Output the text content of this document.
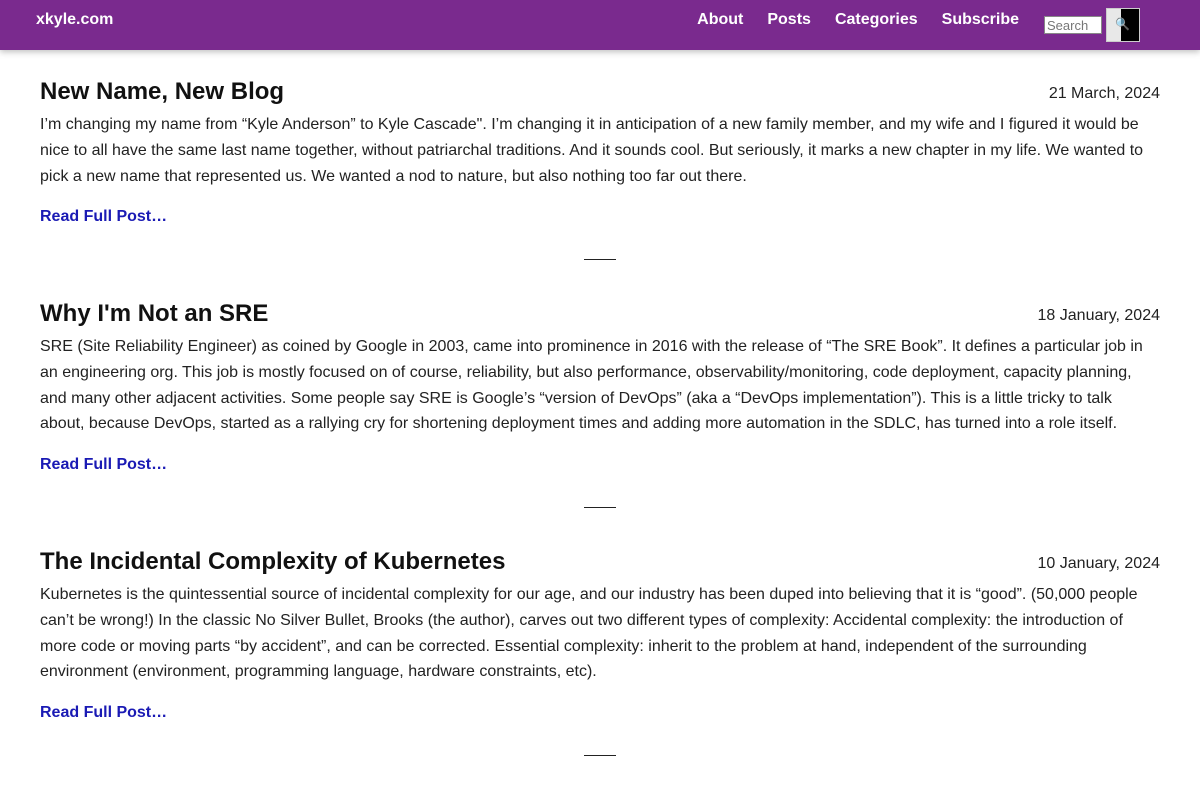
xkyle.com	About Posts Categories Subscribe
Search	🔍
New Name, New Blog	21 March, 2024

I’m changing my name from “Kyle Anderson” to Kyle Cascade". I’m changing it in anticipation of a new family member, and my wife and I figured it would be nice to all have the same last name together, without patriarchal traditions. And it sounds cool. But seriously, it marks a new chapter in my life. We wanted to pick a new name that represented us. We wanted a nod to nature, but also nothing too far out there.

Read Full Post…
Why I'm Not an SRE	18 January, 2024

SRE (Site Reliability Engineer) as coined by Google in 2003, came into prominence in 2016 with the release of “The SRE Book”. It defines a particular job in an engineering org. This job is mostly focused on of course, reliability, but also performance, observability/monitoring, code deployment, capacity planning, and many other adjacent activities. Some people say SRE is Google’s “version of DevOps” (aka a “DevOps implementation”). This is a little tricky to talk about, because DevOps, started as a rallying cry for shortening deployment times and adding more automation in the SDLC, has turned into a role itself.

Read Full Post…
The Incidental Complexity of Kubernetes	10 January, 2024

Kubernetes is the quintessential source of incidental complexity for our age, and our industry has been duped into believing that it is “good”. (50,000 people can’t be wrong!) In the classic No Silver Bullet, Brooks (the author), carves out two different types of complexity: Accidental complexity: the introduction of more code or moving parts “by accident”, and can be corrected. Essential complexity: inherit to the problem at hand, independent of the surrounding environment (environment, programming language, hardware constraints, etc).

Read Full Post…
